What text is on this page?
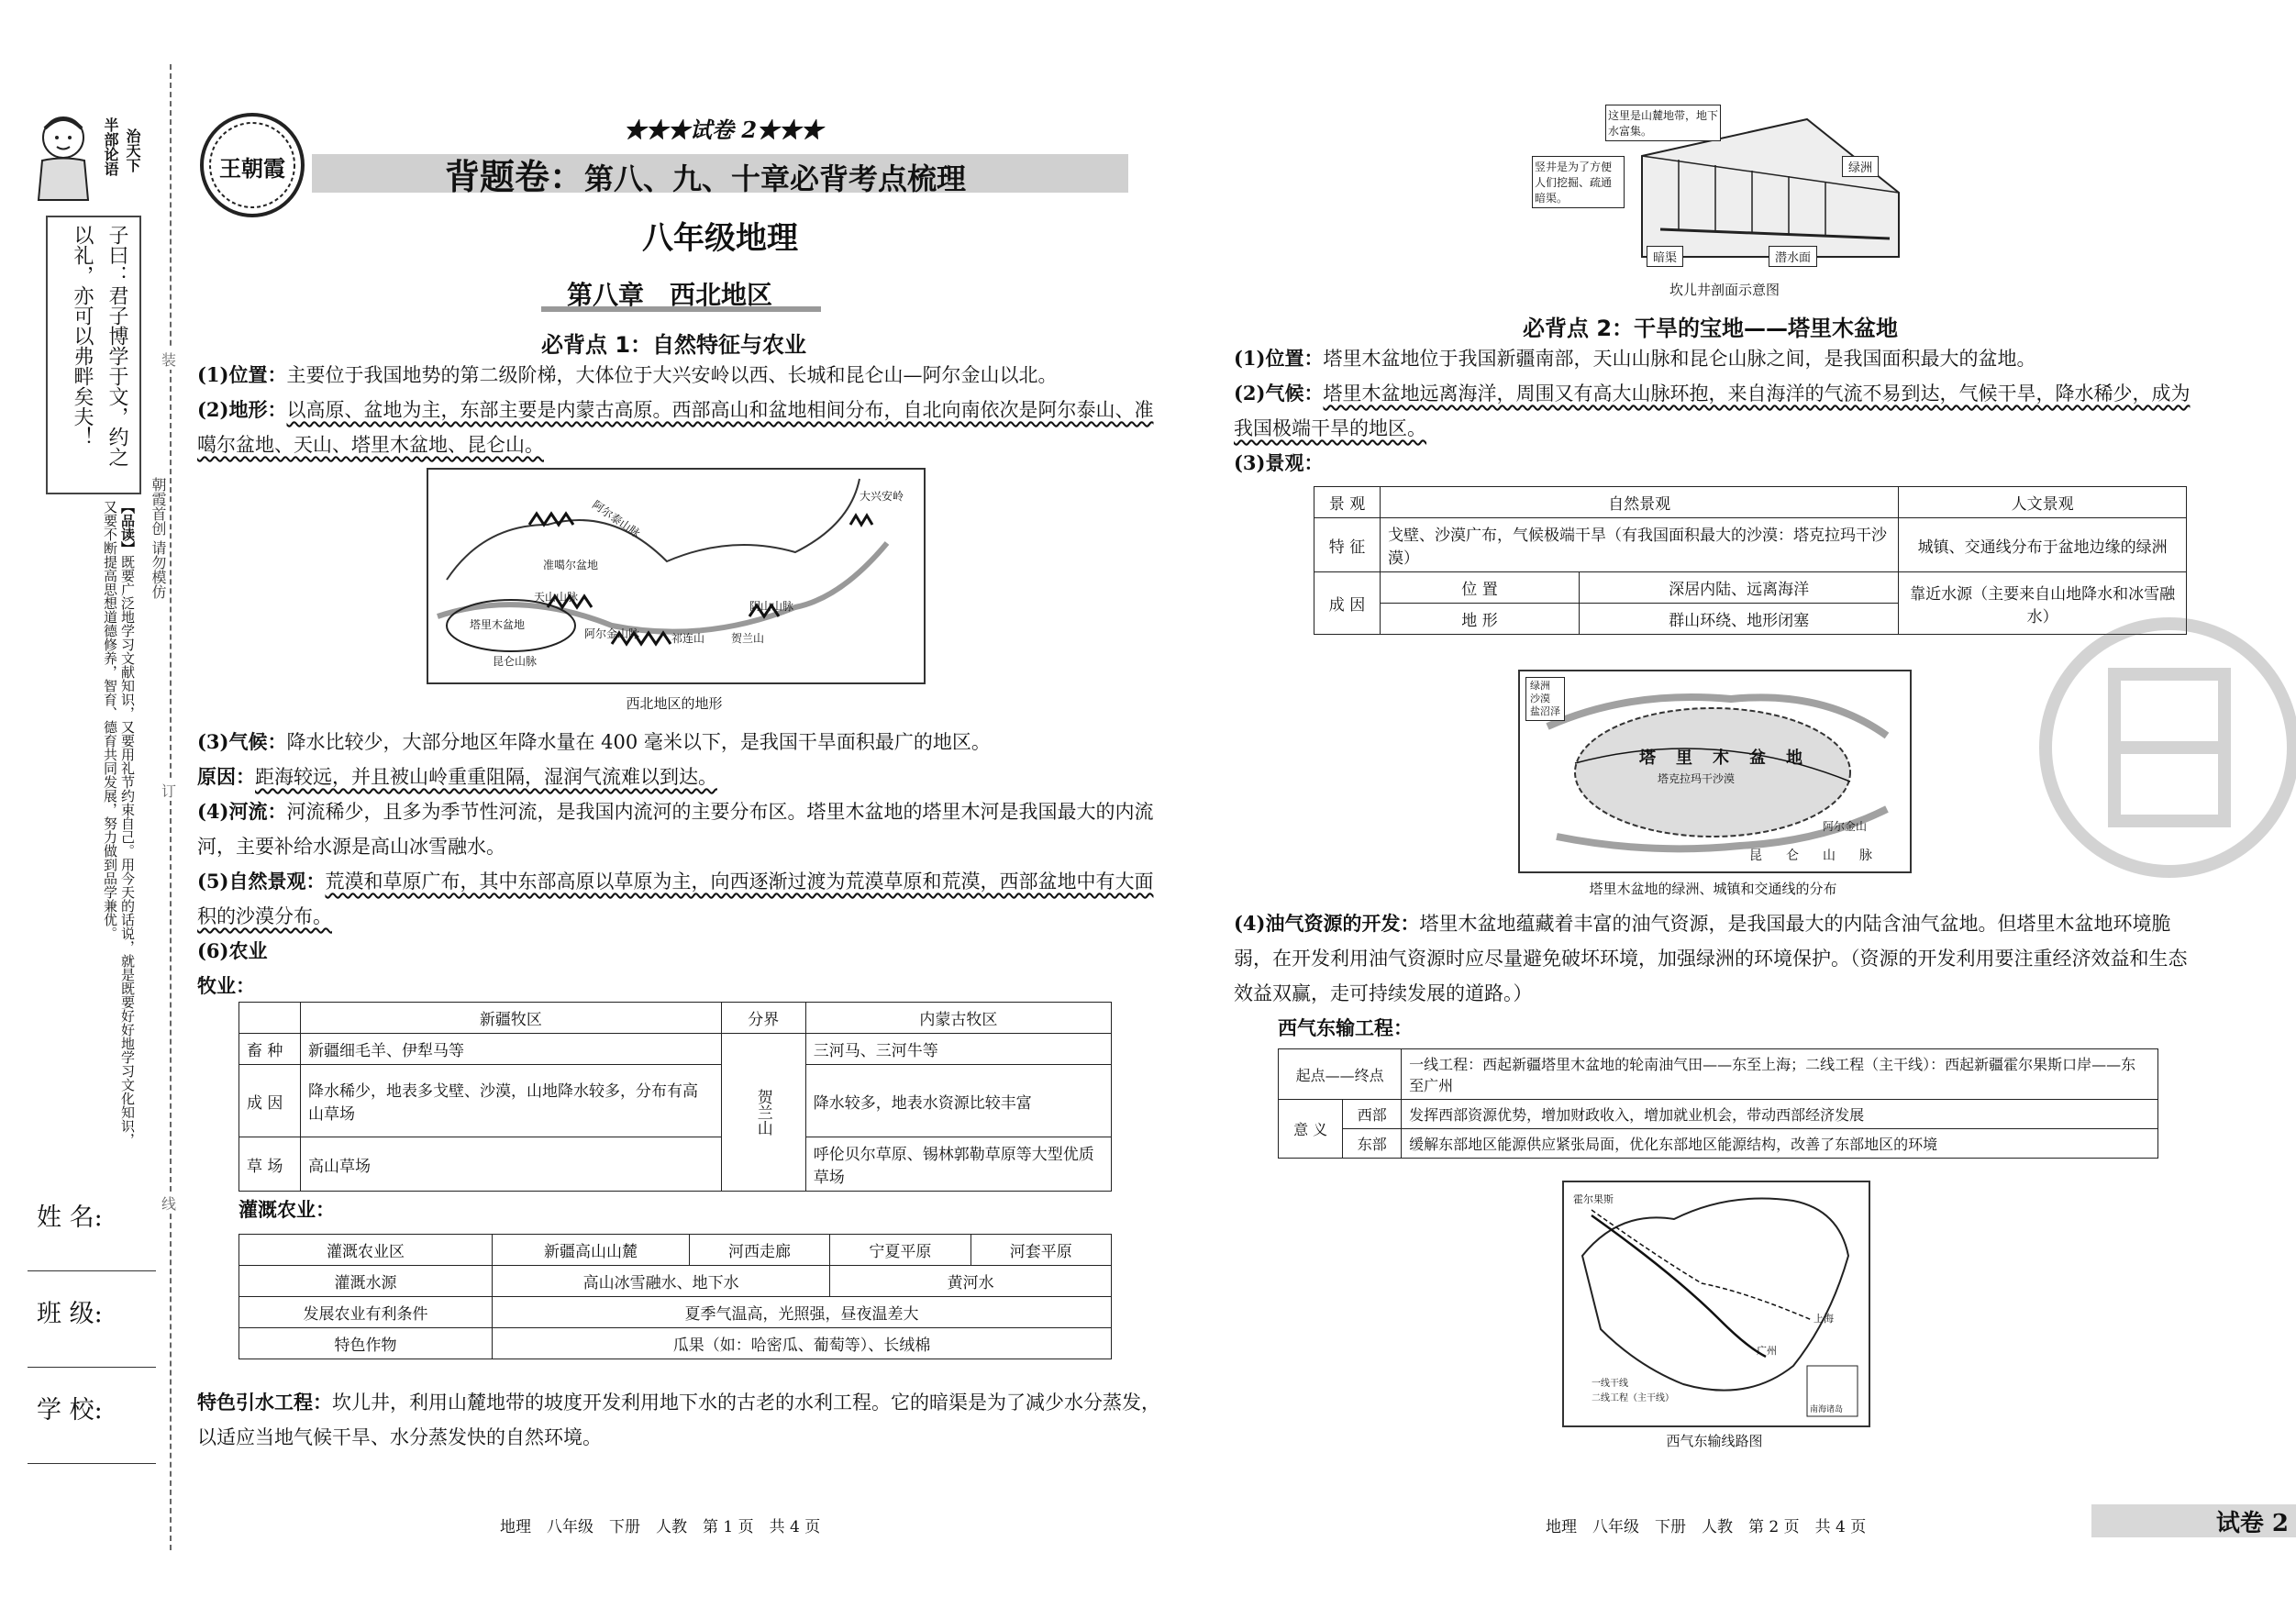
半部论语
治天下
子曰：君子博学于文，约之
以礼，亦可以弗畔矣夫！
【品读】既要广泛地学习文献知识，又要用礼节约束自己。用今天的话说，就是既要好好地学习文化知识，又要不断提高思想道德修养，智育、德育共同发展，努力做到品学兼优。	朝霞首创 请勿模仿
装
订
线
姓 名:
班 级:
学 校:
王朝霞
★★★试卷 2★★★
背题卷：第八、九、十章必背考点梳理
八年级地理
第八章　西北地区
必背点 1：自然特征与农业

(1)位置：主要位于我国地势的第二级阶梯，大体位于大兴安岭以西、长城和昆仑山—阿尔金山以北。

(2)地形：以高原、盆地为主，东部主要是内蒙古高原。西部高山和盆地相间分布，自北向南依次是阿尔泰山、准噶尔盆地、天山、塔里木盆地、昆仑山。

阿尔泰山脉
准噶尔盆地
天山山脉
塔里木盆地
阿尔金山脉
昆仑山脉
祁连山 贺兰山
阴山山脉
大兴安岭
西北地区的地形

(3)气候：降水比较少，大部分地区年降水量在 400 毫米以下，是我国干旱面积最广的地区。

原因：距海较远，并且被山岭重重阻隔，湿润气流难以到达。

(4)河流：河流稀少，且多为季节性河流，是我国内流河的主要分布区。塔里木盆地的塔里木河是我国最大的内流河，主要补给水源是高山冰雪融水。

(5)自然景观：荒漠和草原广布，其中东部高原以草原为主，向西逐渐过渡为荒漠草原和荒漠，西部盆地中有大面积的沙漠分布。

(6)农业

牧业：

	新疆牧区	分界	内蒙古牧区
畜 种	新疆细毛羊、伊犁马等	贺兰山	三河马、三河牛等
成 因	降水稀少，地表多戈壁、沙漠，山地降水较多，分布有高山草场		降水较多，地表水资源比较丰富
草 场	高山草场		呼伦贝尔草原、锡林郭勒草原等大型优质草场
灌溉农业：
灌溉农业区	新疆高山山麓	河西走廊	宁夏平原	河套平原
灌溉水源	高山冰雪融水、地下水		黄河水	
发展农业有利条件	夏季气温高，光照强，昼夜温差大			
特色作物	瓜果（如：哈密瓜、葡萄等）、长绒棉			

特色引水工程：坎儿井，利用山麓地带的坡度开发利用地下水的古老的水利工程。它的暗渠是为了减少水分蒸发，以适应当地气候干旱、水分蒸发快的自然环境。

地理　八年级　下册　人教　第 1 页　共 4 页
这里是山麓地带，地下水富集。
竖井是为了方便人们挖掘、疏通暗渠。
绿洲
暗渠	潜水面
坎儿井剖面示意图
必背点 2：干旱的宝地——塔里木盆地

(1)位置：塔里木盆地位于我国新疆南部，天山山脉和昆仑山脉之间，是我国面积最大的盆地。

(2)气候：塔里木盆地远离海洋，周围又有高大山脉环抱，来自海洋的气流不易到达，气候干旱，降水稀少，成为我国极端干旱的地区。

(3)景观：

景 观	自然景观		人文景观
特 征	戈壁、沙漠广布，气候极端干旱（有我国面积最大的沙漠：塔克拉玛干沙漠）		城镇、交通线分布于盆地边缘的绿洲
成 因	位 置	深居内陆、远离海洋	靠近水源（主要来自山地降水和冰雪融水）
	地 形	群山环绕、地形闭塞	
绿洲
沙漠
盐沼泽
塔 里 木 盆 地
塔克拉玛干沙漠
昆 仑 山 脉
阿尔金山
塔里木盆地的绿洲、城镇和交通线的分布

(4)油气资源的开发：塔里木盆地蕴藏着丰富的油气资源，是我国最大的内陆含油气盆地。但塔里木盆地环境脆弱，在开发利用油气资源时应尽量避免破坏环境，加强绿洲的环境保护。（资源的开发利用要注重经济效益和生态效益双赢，走可持续发展的道路。）

西气东输工程：

起点——终点		一线工程：西起新疆塔里木盆地的轮南油气田——东至上海；二线工程（主干线）：西起新疆霍尔果斯口岸——东至广州
意 义	西部	发挥西部资源优势，增加财政收入，增加就业机会，带动西部经济发展
	东部	缓解东部地区能源供应紧张局面，优化东部地区能源结构，改善了东部地区的环境
霍尔果斯
上海
广州
一线干线
二线工程（主干线）
南海诸岛
西气东输线路图
地理　八年级　下册　人教　第 2 页　共 4 页	试卷 2
